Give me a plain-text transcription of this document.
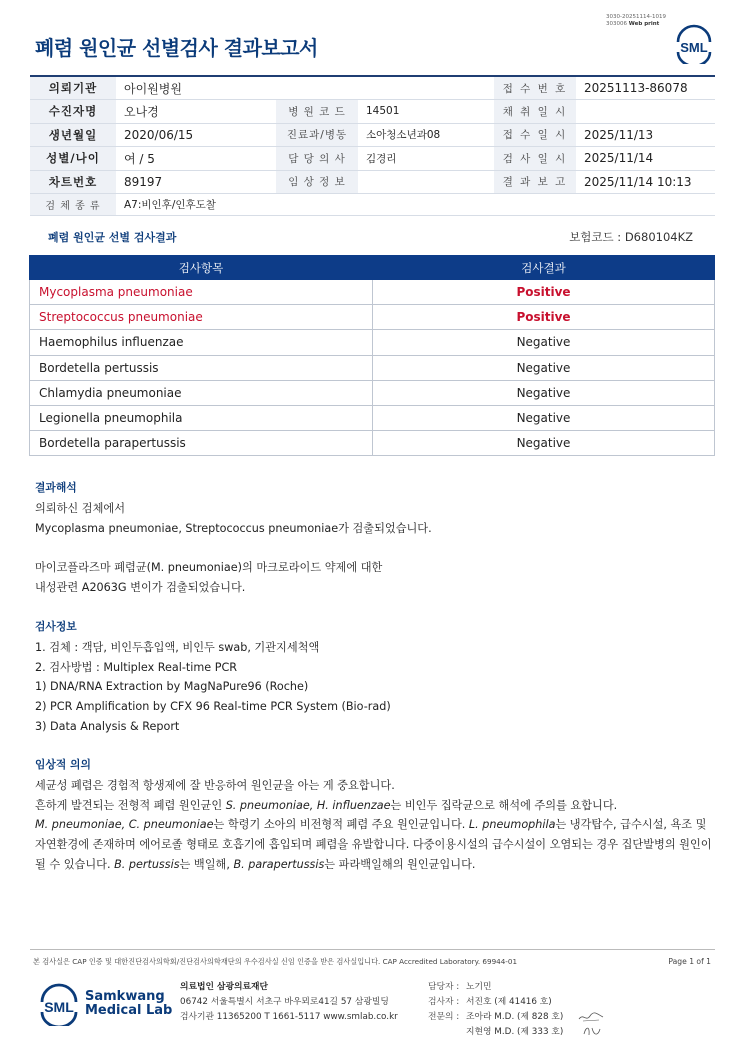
3030-20251114-1019
303006 Web print
폐렴 원인균 선별검사 결과보고서	SML
의뢰기관	아이원병원			접 수 번 호	20251113-86078
수진자명	오나경	병 원 코 드	14501	채 취 일 시	
생년월일	2020/06/15	진료과/병동	소아청소년과08	접 수 일 시	2025/11/13
성별/나이	여 / 5	담 당 의 사	김경리	검 사 일 시	2025/11/14
차트번호	89197	임 상 정 보		결 과 보 고	2025/11/14 10:13
검 체 종 류	A7:비인후/인후도찰				
폐렴 원인균 선별 검사결과	보험코드 : D680104KZ
검사항목	검사결과
Mycoplasma pneumoniae	Positive
Streptococcus pneumoniae	Positive
Haemophilus influenzae	Negative
Bordetella pertussis	Negative
Chlamydia pneumoniae	Negative
Legionella pneumophila	Negative
Bordetella parapertussis	Negative
결과해석

의뢰하신 검체에서

Mycoplasma pneumoniae, Streptococcus pneumoniae가 검출되었습니다.

마이코플라즈마 폐렴균(M. pneumoniae)의 마크로라이드 약제에 대한

내성관련 A2063G 변이가 검출되었습니다.

검사정보

1. 검체 : 객담, 비인두흡입액, 비인두 swab, 기관지세척액

2. 검사방법 : Multiplex Real-time PCR

1) DNA/RNA Extraction by MagNaPure96 (Roche)

2) PCR Amplification by CFX 96 Real-time PCR System (Bio-rad)

3) Data Analysis & Report

임상적 의의

세균성 폐렴은 경험적 항생제에 잘 반응하여 원인균을 아는 게 중요합니다.

흔하게 발견되는 전형적 폐렴 원인균인 S. pneumoniae, H. influenzae는 비인두 집락균으로 해석에 주의를 요합니다.

M. pneumoniae, C. pneumoniae는 학령기 소아의 비전형적 폐렴 주요 원인균입니다. L. pneumophila는 냉각탑수, 급수시설, 욕조 및 자연환경에 존재하며 에어로졸 형태로 호흡기에 흡입되며 폐렴을 유발합니다. 다중이용시설의 급수시설이 오염되는 경우 집단발병의 원인이 될 수 있습니다. B. pertussis는 백일해, B. parapertussis는 파라백일해의 원인균입니다.

본 검사실은 CAP 인증 및 대한진단검사의학회/진단검사의학재단의 우수검사실 신임 인증을 받은 검사실입니다. CAP Accredited Laboratory. 69944-01	Page 1 of 1
SML
Samkwang
Medical Lab
의료법인 삼광의료재단
06742 서울특별시 서초구 바우뫼로41길 57 삼광빌딩
검사기관 11365200 T 1661-5117 www.smlab.co.kr
담당자 : 노기민
검사자 : 서진호 (제 41416 호)
전문의 : 조아라 M.D. (제 828 호)
지현영 M.D. (제 333 호)
